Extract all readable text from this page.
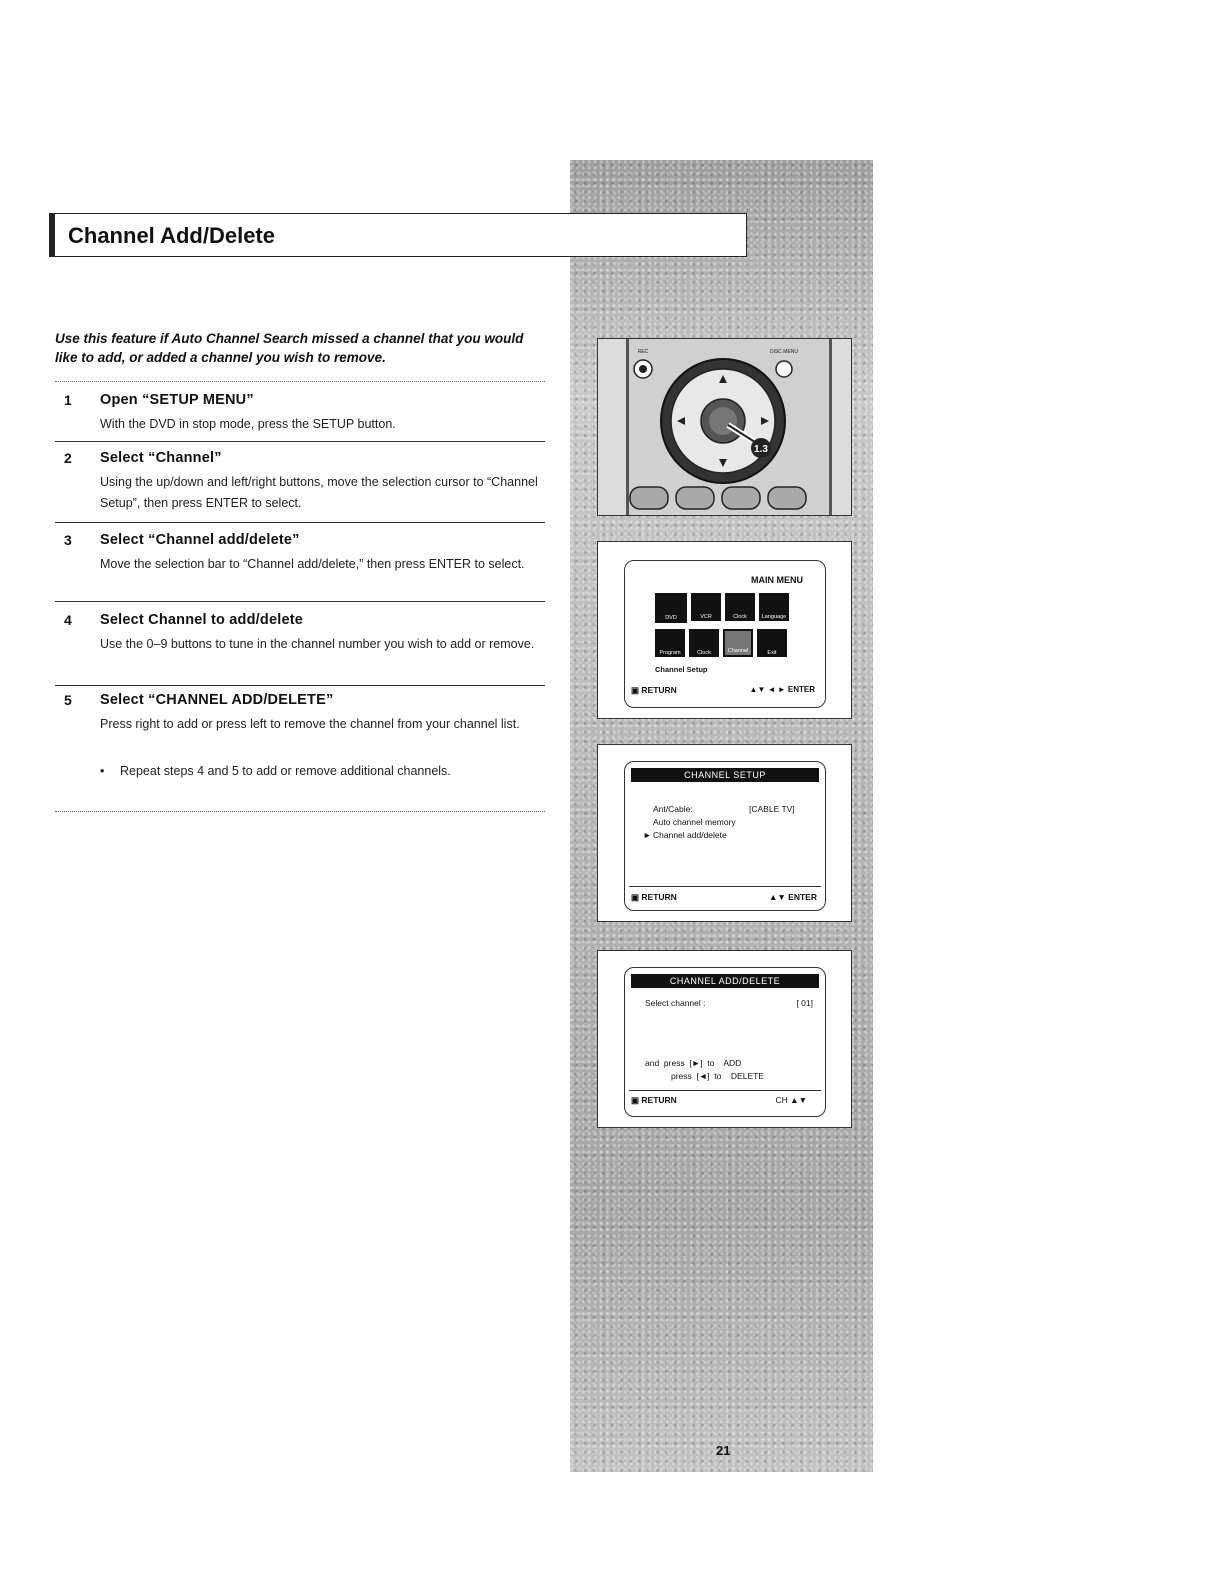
Channel Add/Delete
Use this feature if Auto Channel Search missed a channel that you would like to add, or added a channel you wish to remove.
1 Open “SETUP MENU”
With the DVD in stop mode, press the SETUP button.
2 Select “Channel”
Using the up/down and left/right buttons, move the selection cursor to “Channel Setup”, then press ENTER to select.
3 Select “Channel add/delete”
Move the selection bar to “Channel add/delete,” then press ENTER to select.
4 Select Channel to add/delete
Use the 0–9 buttons to tune in the channel number you wish to add or remove.
5 Select “CHANNEL ADD/DELETE”
Press right to add or press left to remove the channel from your channel list.
• Repeat steps 4 and 5 to add or remove additional channels.
1.3
REC	DISC MENU
MAIN MENU
DVD	VCR	Clock	Language
Program	Clock	Channel	Exit
Channel Setup
▣ RETURN	▲▼ ◄ ► ENTER
CHANNEL SETUP
Ant/Cable:	[CABLE TV]
Auto channel memory
► Channel add/delete
▣ RETURN	▲▼ ENTER
CHANNEL ADD/DELETE
Select channel :	[ 01]
and  press  [►]  to    ADD
press  [◄]  to    DELETE
▣ RETURN	CH ▲▼
21
